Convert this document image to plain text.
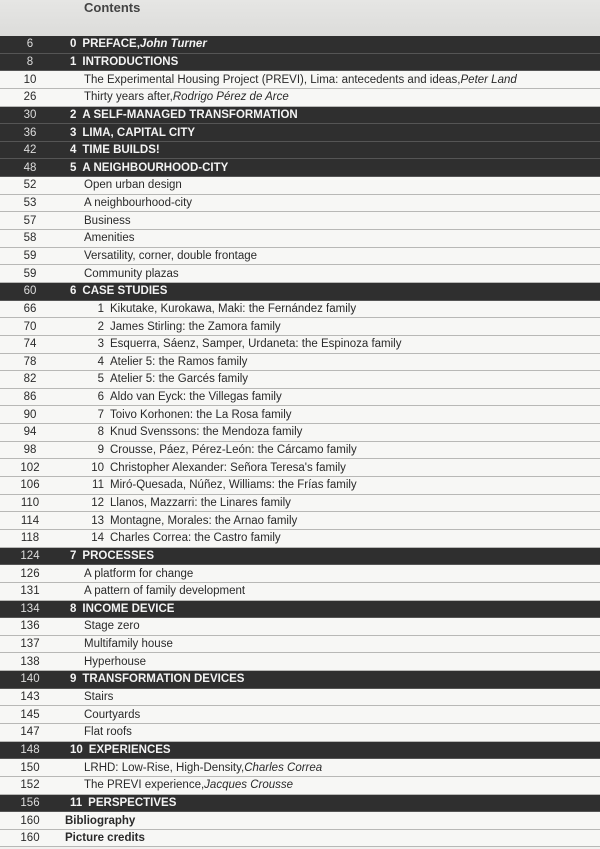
Contents
6	0 PREFACE, John Turner
8	1 INTRODUCTIONS
10	The Experimental Housing Project (PREVI), Lima: antecedents and ideas, Peter Land
26	Thirty years after, Rodrigo Pérez de Arce
30	2 A SELF-MANAGED TRANSFORMATION
36	3 LIMA, CAPITAL CITY
42	4 TIME BUILDS!
48	5 A NEIGHBOURHOOD-CITY
52	Open urban design
53	A neighbourhood-city
57	Business
58	Amenities
59	Versatility, corner, double frontage
59	Community plazas
60	6 CASE STUDIES
66	1 Kikutake, Kurokawa, Maki: the Fernández family
70	2 James Stirling: the Zamora family
74	3 Esquerra, Sáenz, Samper, Urdaneta: the Espinoza family
78	4 Atelier 5: the Ramos family
82	5 Atelier 5: the Garcés family
86	6 Aldo van Eyck: the Villegas family
90	7 Toivo Korhonen: the La Rosa family
94	8 Knud Svenssons: the Mendoza family
98	9 Crousse, Páez, Pérez-León: the Cárcamo family
102	10 Christopher Alexander: Señora Teresa's family
106	11 Miró-Quesada, Núñez, Williams: the Frías family
110	12 Llanos, Mazzarri: the Linares family
114	13 Montagne, Morales: the Arnao family
118	14 Charles Correa: the Castro family
124	7 PROCESSES
126	A platform for change
131	A pattern of family development
134	8 INCOME DEVICE
136	Stage zero
137	Multifamily house
138	Hyperhouse
140	9 TRANSFORMATION DEVICES
143	Stairs
145	Courtyards
147	Flat roofs
148	10 EXPERIENCES
150	LRHD: Low-Rise, High-Density, Charles Correa
152	The PREVI experience, Jacques Crousse
156	11 PERSPECTIVES
160	Bibliography
160	Picture credits
